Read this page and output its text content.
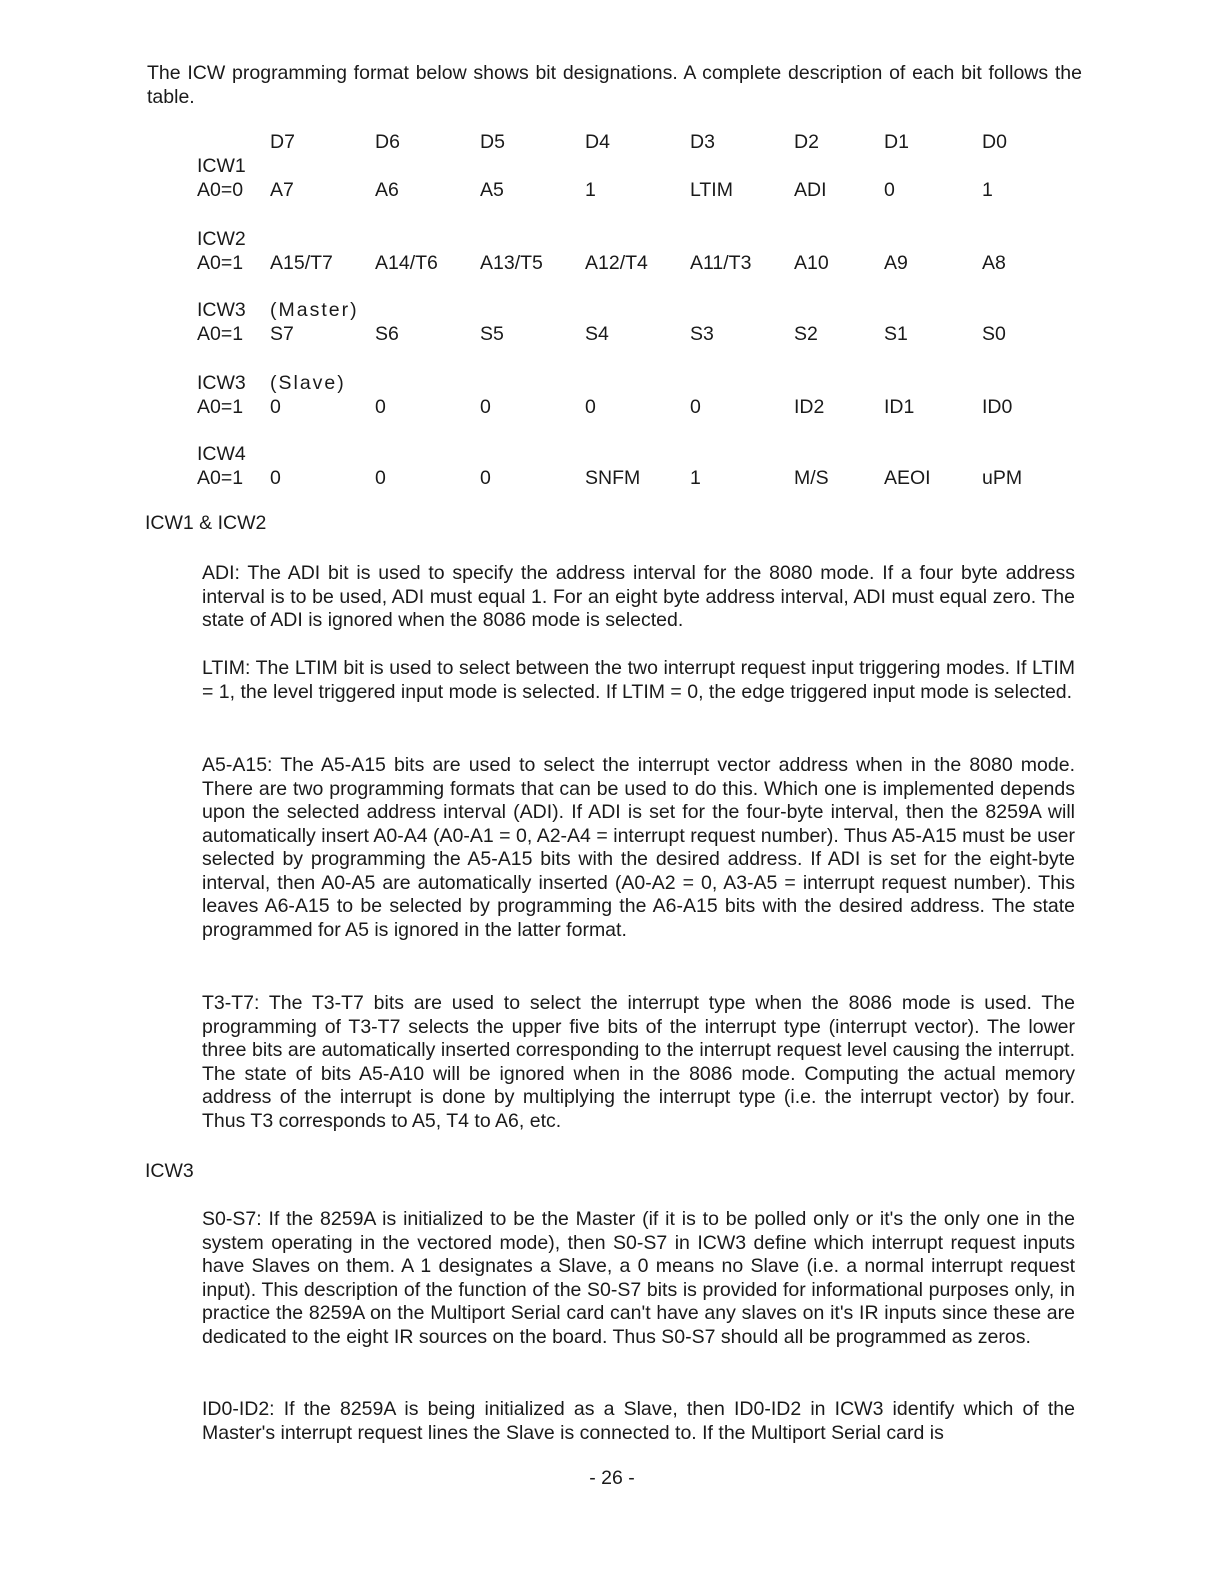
The ICW programming format below shows bit designations. A complete description of each bit follows the table.
	D7	D6	D5	D4	D3	D2	D1	D0
ICW1								
A0=0	A7	A6	A5	1	LTIM	ADI	0	1

ICW2								
A0=1	A15/T7	A14/T6	A13/T5	A12/T4	A11/T3	A10	A9	A8

ICW3	(Master)							
A0=1	S7	S6	S5	S4	S3	S2	S1	S0

ICW3	(Slave)							
A0=1	0	0	0	0	0	ID2	ID1	ID0

ICW4								
A0=1	0	0	0	SNFM	1	M/S	AEOI	uPM
ICW1 & ICW2
ADI: The ADI bit is used to specify the address interval for the 8080 mode. If a four byte address interval is to be used, ADI must equal 1. For an eight byte address interval, ADI must equal zero. The state of ADI is ignored when the 8086 mode is selected.
LTIM: The LTIM bit is used to select between the two interrupt request input triggering modes. If LTIM = 1, the level triggered input mode is selected. If LTIM = 0, the edge triggered input mode is selected.
A5-A15: The A5-A15 bits are used to select the interrupt vector address when in the 8080 mode. There are two programming formats that can be used to do this. Which one is implemented depends upon the selected address interval (ADI). If ADI is set for the four-byte interval, then the 8259A will automatically insert A0-A4 (A0-A1 = 0, A2-A4 = interrupt request number). Thus A5-A15 must be user selected by programming the A5-A15 bits with the desired address. If ADI is set for the eight-byte interval, then A0-A5 are automatically inserted (A0-A2 = 0, A3-A5 = interrupt request number). This leaves A6-A15 to be selected by programming the A6-A15 bits with the desired address. The state programmed for A5 is ignored in the latter format.
T3-T7: The T3-T7 bits are used to select the interrupt type when the 8086 mode is used. The programming of T3-T7 selects the upper five bits of the interrupt type (interrupt vector). The lower three bits are automatically inserted corresponding to the interrupt request level causing the interrupt. The state of bits A5-A10 will be ignored when in the 8086 mode. Computing the actual memory address of the interrupt is done by multiplying the interrupt type (i.e. the interrupt vector) by four. Thus T3 corresponds to A5, T4 to A6, etc.
ICW3
S0-S7: If the 8259A is initialized to be the Master (if it is to be polled only or it's the only one in the system operating in the vectored mode), then S0-S7 in ICW3 define which interrupt request inputs have Slaves on them. A 1 designates a Slave, a 0 means no Slave (i.e. a normal interrupt request input). This description of the function of the S0-S7 bits is provided for informational purposes only, in practice the 8259A on the Multiport Serial card can't have any slaves on it's IR inputs since these are dedicated to the eight IR sources on the board. Thus S0-S7 should all be programmed as zeros.
ID0-ID2: If the 8259A is being initialized as a Slave, then ID0-ID2 in ICW3 identify which of the Master's interrupt request lines the Slave is connected to. If the Multiport Serial card is
- 26 -
